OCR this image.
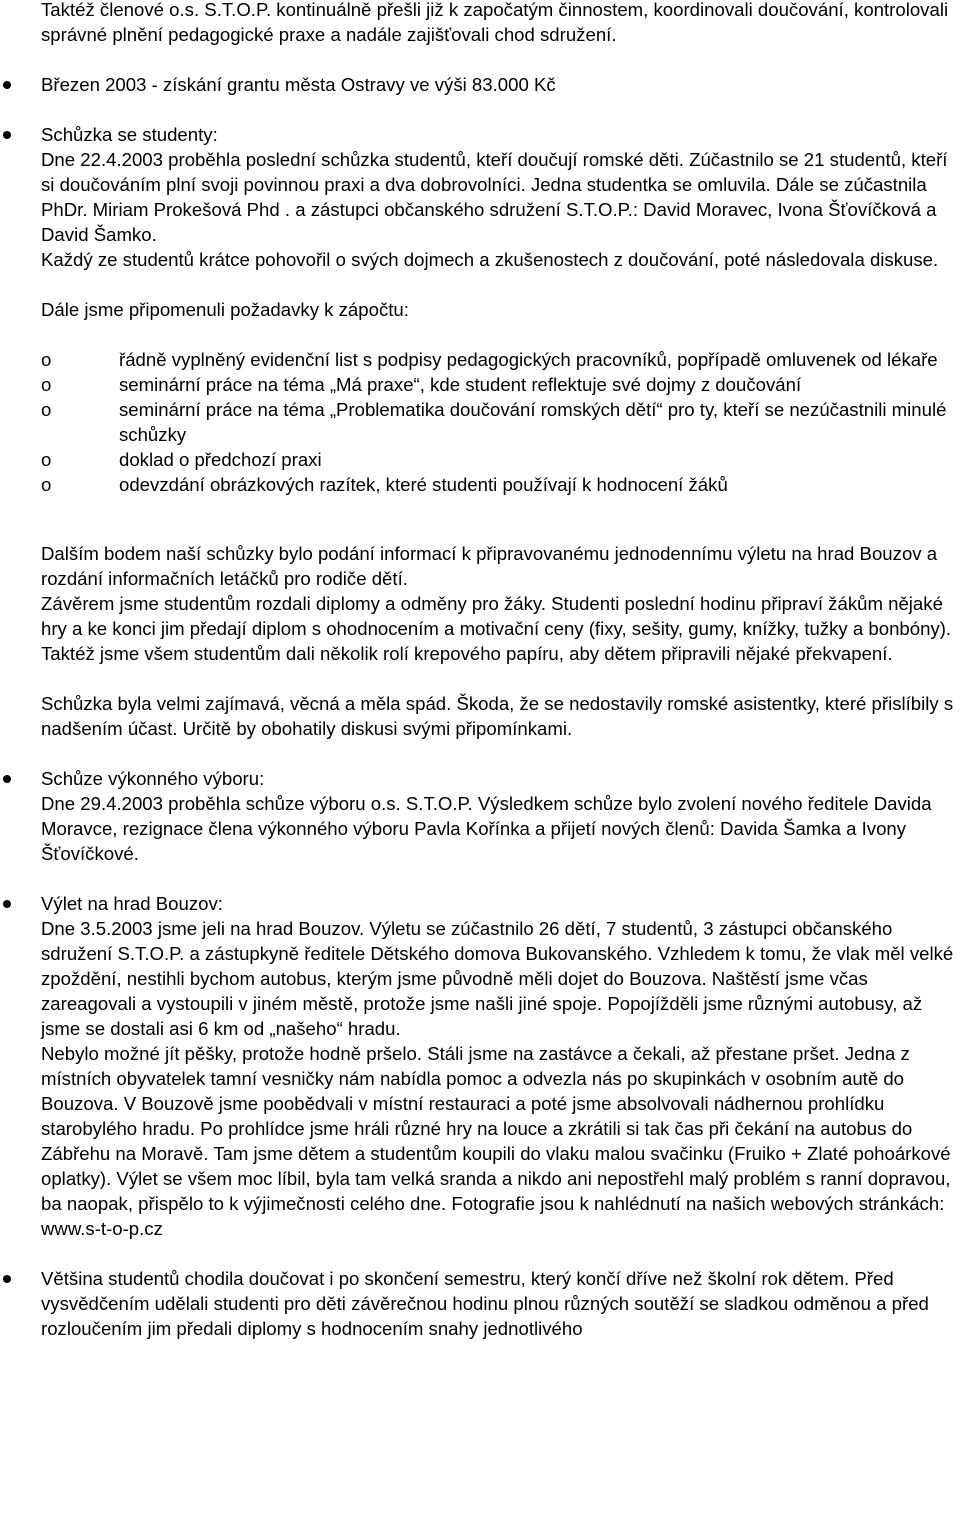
Taktéž členové o.s. S.T.O.P. kontinuálně přešli již k započatým činnostem, koordinovali doučování, kontrolovali správné plnění pedagogické praxe a nadále zajišťovali chod sdružení.

Březen 2003 - získání grantu města Ostravy ve výši 83.000 Kč

Schůzka se studenty:

Dne 22.4.2003 proběhla poslední schůzka studentů, kteří doučují romské děti. Zúčastnilo se 21 studentů, kteří si doučováním plní svoji povinnou praxi a dva dobrovolníci. Jedna studentka se omluvila. Dále se zúčastnila PhDr. Miriam Prokešová Phd . a zástupci občanského sdružení S.T.O.P.: David Moravec, Ivona Šťovíčková a David Šamko.

Každý ze studentů krátce pohovořil o svých dojmech a zkušenostech z doučování, poté následovala diskuse.

Dále jsme připomenuli požadavky k zápočtu:

o	řádně vyplněný evidenční list s podpisy pedagogických pracovníků, popřípadě omluvenek od lékaře
o	seminární práce na téma „Má praxe“, kde student reflektuje své dojmy z doučování
o	seminární práce na téma „Problematika doučování romských dětí“ pro ty, kteří se nezúčastnili minulé schůzky
o	doklad o předchozí praxi
o	odevzdání obrázkových razítek, které studenti používají k hodnocení žáků

Dalším bodem naší schůzky bylo podání informací k připravovanému jednodennímu výletu na hrad Bouzov a rozdání informačních letáčků pro rodiče dětí.

Závěrem jsme studentům rozdali diplomy a odměny pro žáky. Studenti poslední hodinu připraví žákům nějaké hry a ke konci jim předají diplom s ohodnocením a motivační ceny (fixy, sešity, gumy, knížky, tužky a bonbóny). Taktéž jsme všem studentům dali několik rolí krepového papíru, aby dětem připravili nějaké překvapení.

Schůzka byla velmi zajímavá, věcná a měla spád. Škoda, že se nedostavily romské asistentky, které přislíbily s nadšením účast. Určitě by obohatily diskusi svými připomínkami.

Schůze výkonného výboru:

Dne 29.4.2003 proběhla schůze výboru o.s. S.T.O.P. Výsledkem schůze bylo zvolení nového ředitele Davida Moravce, rezignace člena výkonného výboru Pavla Kořínka a přijetí nových členů: Davida Šamka a Ivony Šťovíčkové.

Výlet na hrad Bouzov:

Dne 3.5.2003 jsme jeli na hrad Bouzov. Výletu se zúčastnilo 26 dětí, 7 studentů, 3 zástupci občanského sdružení S.T.O.P. a zástupkyně ředitele Dětského domova Bukovanského. Vzhledem k tomu, že vlak měl velké zpoždění, nestihli bychom autobus, kterým jsme původně měli dojet do Bouzova. Naštěstí jsme včas zareagovali a vystoupili v jiném městě, protože jsme našli jiné spoje. Popojížděli jsme různými autobusy, až jsme se dostali asi 6 km od „našeho“ hradu.

Nebylo možné jít pěšky, protože hodně pršelo. Stáli jsme na zastávce a čekali, až přestane pršet. Jedna z místních obyvatelek tamní vesničky nám nabídla pomoc a odvezla nás po skupinkách v osobním autě do Bouzova. V Bouzově jsme poobědvali v místní restauraci a poté jsme absolvovali nádhernou prohlídku starobylého hradu. Po prohlídce jsme hráli různé hry na louce a zkrátili si tak čas při čekání na autobus do Zábřehu na Moravě. Tam jsme dětem a studentům koupili do vlaku malou svačinku (Fruiko + Zlaté pohoárkové oplatky). Výlet se všem moc líbil, byla tam velká sranda a nikdo ani nepostřehl malý problém s ranní dopravou, ba naopak, přispělo to k výjimečnosti celého dne. Fotografie jsou k nahlédnutí na našich webových stránkách: www.s-t-o-p.cz

Většina studentů chodila doučovat i po skončení semestru, který končí dříve než školní rok dětem. Před vysvědčením udělali studenti pro děti závěrečnou hodinu plnou různých soutěží se sladkou odměnou a před rozloučením jim předali diplomy s hodnocením snahy jednotlivého
